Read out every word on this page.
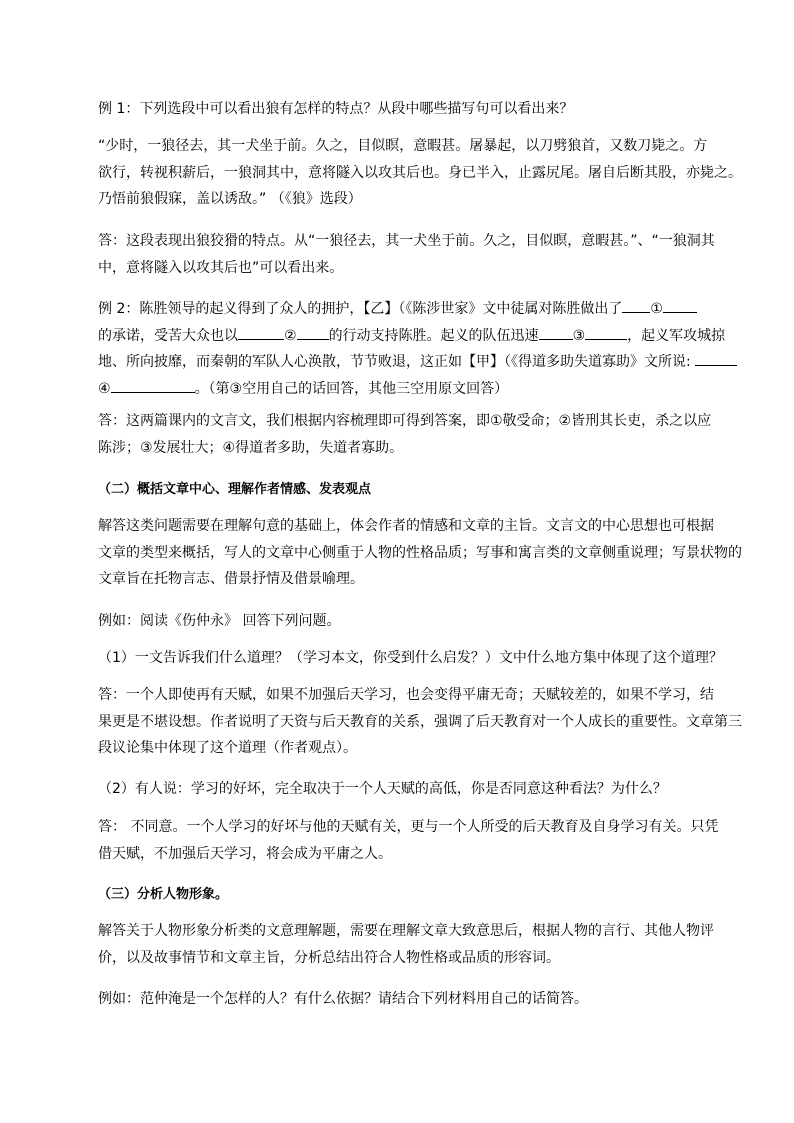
例 1：下列选段中可以看出狼有怎样的特点？从段中哪些描写句可以看出来？

“少时，一狼径去，其一犬坐于前。久之，目似瞑，意暇甚。屠暴起，以刀劈狼首，又数刀毙之。方
欲行，转视积薪后，一狼洞其中，意将隧入以攻其后也。身已半入，止露尻尾。屠自后断其股，亦毙之。
乃悟前狼假寐，盖以诱敌。” （《狼》选段）

答：这段表现出狼狡猾的特点。从“一狼径去，其一犬坐于前。久之，目似瞑，意暇甚。”、“一狼洞其
中，意将隧入以攻其后也”可以看出来。

例 2：陈胜领导的起义得到了众人的拥护，【乙】（《陈涉世家》文中徒属对陈胜做出了 ①
的承诺，受苦大众也以	② 的行动支持陈胜。起义的队伍迅速 ③	，起义军攻城掠
地、所向披靡，而秦朝的军队人心涣散，节节败退，这正如【甲】（《得道多助失道寡助》文所说:
④	。（第③空用自己的话回答，其他三空用原文回答）

答：这两篇课内的文言文，我们根据内容梳理即可得到答案，即①敬受命；②皆刑其长吏，杀之以应
陈涉；③发展壮大；④得道者多助，失道者寡助。

（二）概括文章中心、理解作者情感、发表观点

解答这类问题需要在理解句意的基础上，体会作者的情感和文章的主旨。文言文的中心思想也可根据
文章的类型来概括，写人的文章中心侧重于人物的性格品质；写事和寓言类的文章侧重说理；写景状物的
文章旨在托物言志、借景抒情及借景喻理。

例如：阅读《伤仲永》 回答下列问题。

（1）一文告诉我们什么道理？（学习本文，你受到什么启发？）文中什么地方集中体现了这个道理？

答：一个人即使再有天赋，如果不加强后天学习，也会变得平庸无奇；天赋较差的，如果不学习，结
果更是不堪设想。作者说明了天资与后天教育的关系，强调了后天教育对一个人成长的重要性。文章第三
段议论集中体现了这个道理（作者观点）。

（2）有人说：学习的好坏，完全取决于一个人天赋的高低，你是否同意这种看法？为什么？

答： 不同意。一个人学习的好坏与他的天赋有关，更与一个人所受的后天教育及自身学习有关。只凭
借天赋，不加强后天学习，将会成为平庸之人。

（三）分析人物形象。

解答关于人物形象分析类的文意理解题，需要在理解文章大致意思后，根据人物的言行、其他人物评
价，以及故事情节和文章主旨，分析总结出符合人物性格或品质的形容词。

例如：范仲淹是一个怎样的人？有什么依据？请结合下列材料用自己的话简答。
